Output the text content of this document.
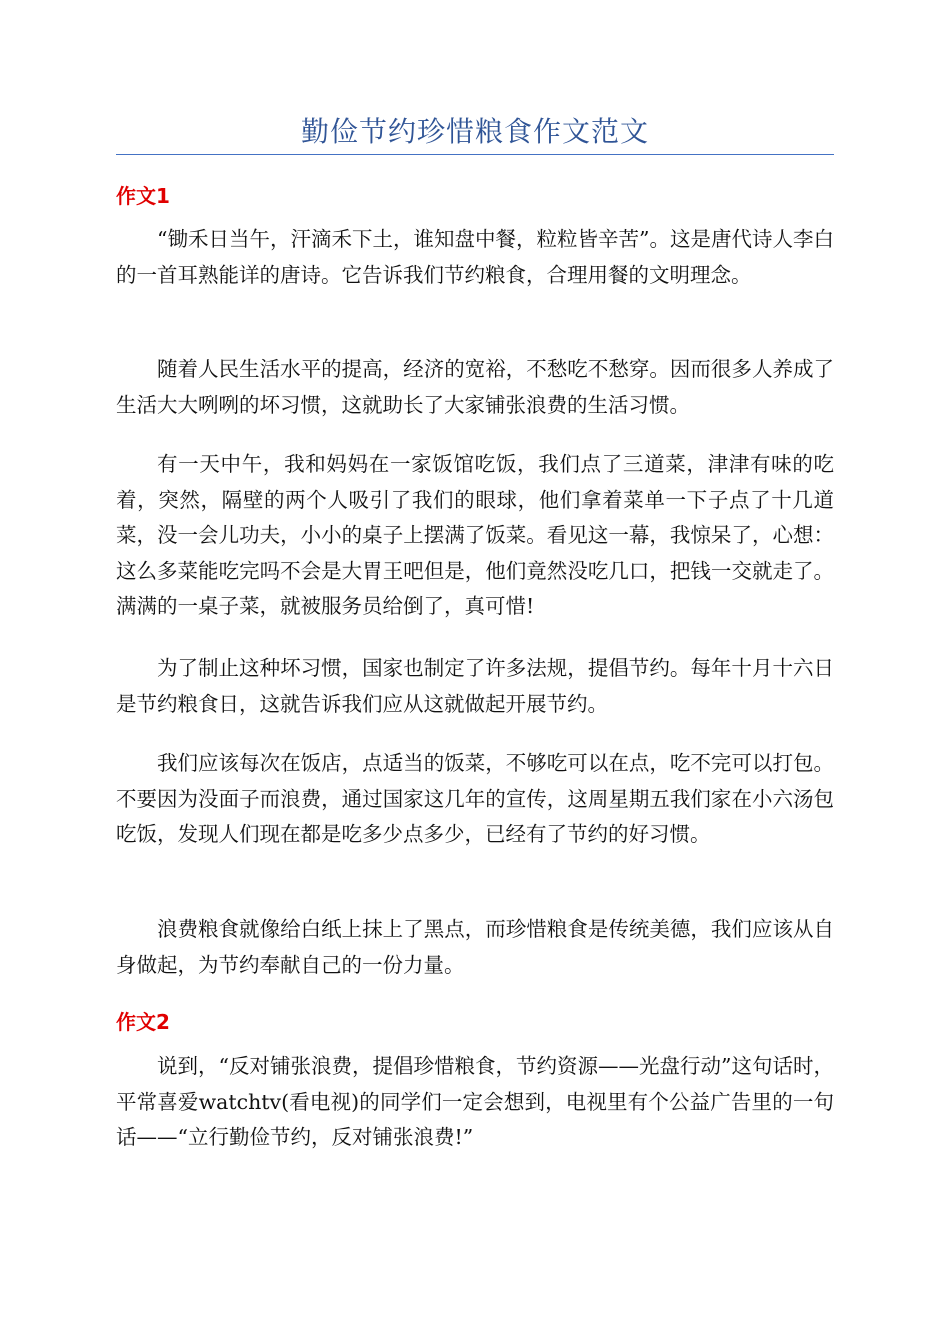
勤俭节约珍惜粮食作文范文
作文1

“锄禾日当午，汗滴禾下土，谁知盘中餐，粒粒皆辛苦”。这是唐代诗人李白的一首耳熟能详的唐诗。它告诉我们节约粮食，合理用餐的文明理念。

随着人民生活水平的提高，经济的宽裕，不愁吃不愁穿。因而很多人养成了生活大大咧咧的坏习惯，这就助长了大家铺张浪费的生活习惯。

有一天中午，我和妈妈在一家饭馆吃饭，我们点了三道菜，津津有味的吃着，突然，隔壁的两个人吸引了我们的眼球，他们拿着菜单一下子点了十几道菜，没一会儿功夫，小小的桌子上摆满了饭菜。看见这一幕，我惊呆了，心想：这么多菜能吃完吗不会是大胃王吧但是，他们竟然没吃几口，把钱一交就走了。满满的一桌子菜，就被服务员给倒了，真可惜!

为了制止这种坏习惯，国家也制定了许多法规，提倡节约。每年十月十六日是节约粮食日，这就告诉我们应从这就做起开展节约。

我们应该每次在饭店，点适当的饭菜，不够吃可以在点，吃不完可以打包。不要因为没面子而浪费，通过国家这几年的宣传，这周星期五我们家在小六汤包吃饭，发现人们现在都是吃多少点多少，已经有了节约的好习惯。

浪费粮食就像给白纸上抹上了黑点，而珍惜粮食是传统美德，我们应该从自身做起，为节约奉献自己的一份力量。

作文2

说到，“反对铺张浪费，提倡珍惜粮食，节约资源——光盘行动”这句话时，平常喜爱watchtv(看电视)的同学们一定会想到，电视里有个公益广告里的一句话——“立行勤俭节约，反对铺张浪费!”
